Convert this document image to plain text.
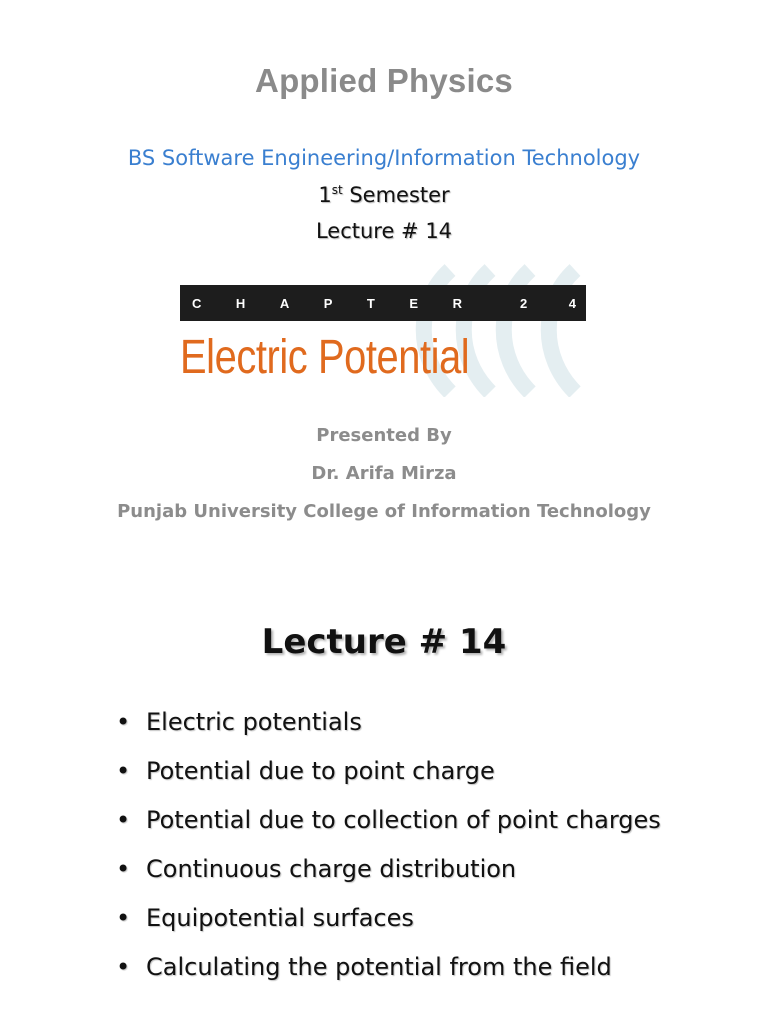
Applied Physics
BS Software Engineering/Information Technology
1st Semester
Lecture # 14
C	H	A	P	T	E	R	2	4
Electric Potential
Presented By
Dr. Arifa Mirza
Punjab University College of Information Technology
Lecture # 14
• Electric potentials
• Potential due to point charge
• Potential due to collection of point charges
• Continuous charge distribution
• Equipotential surfaces
• Calculating the potential from the field
